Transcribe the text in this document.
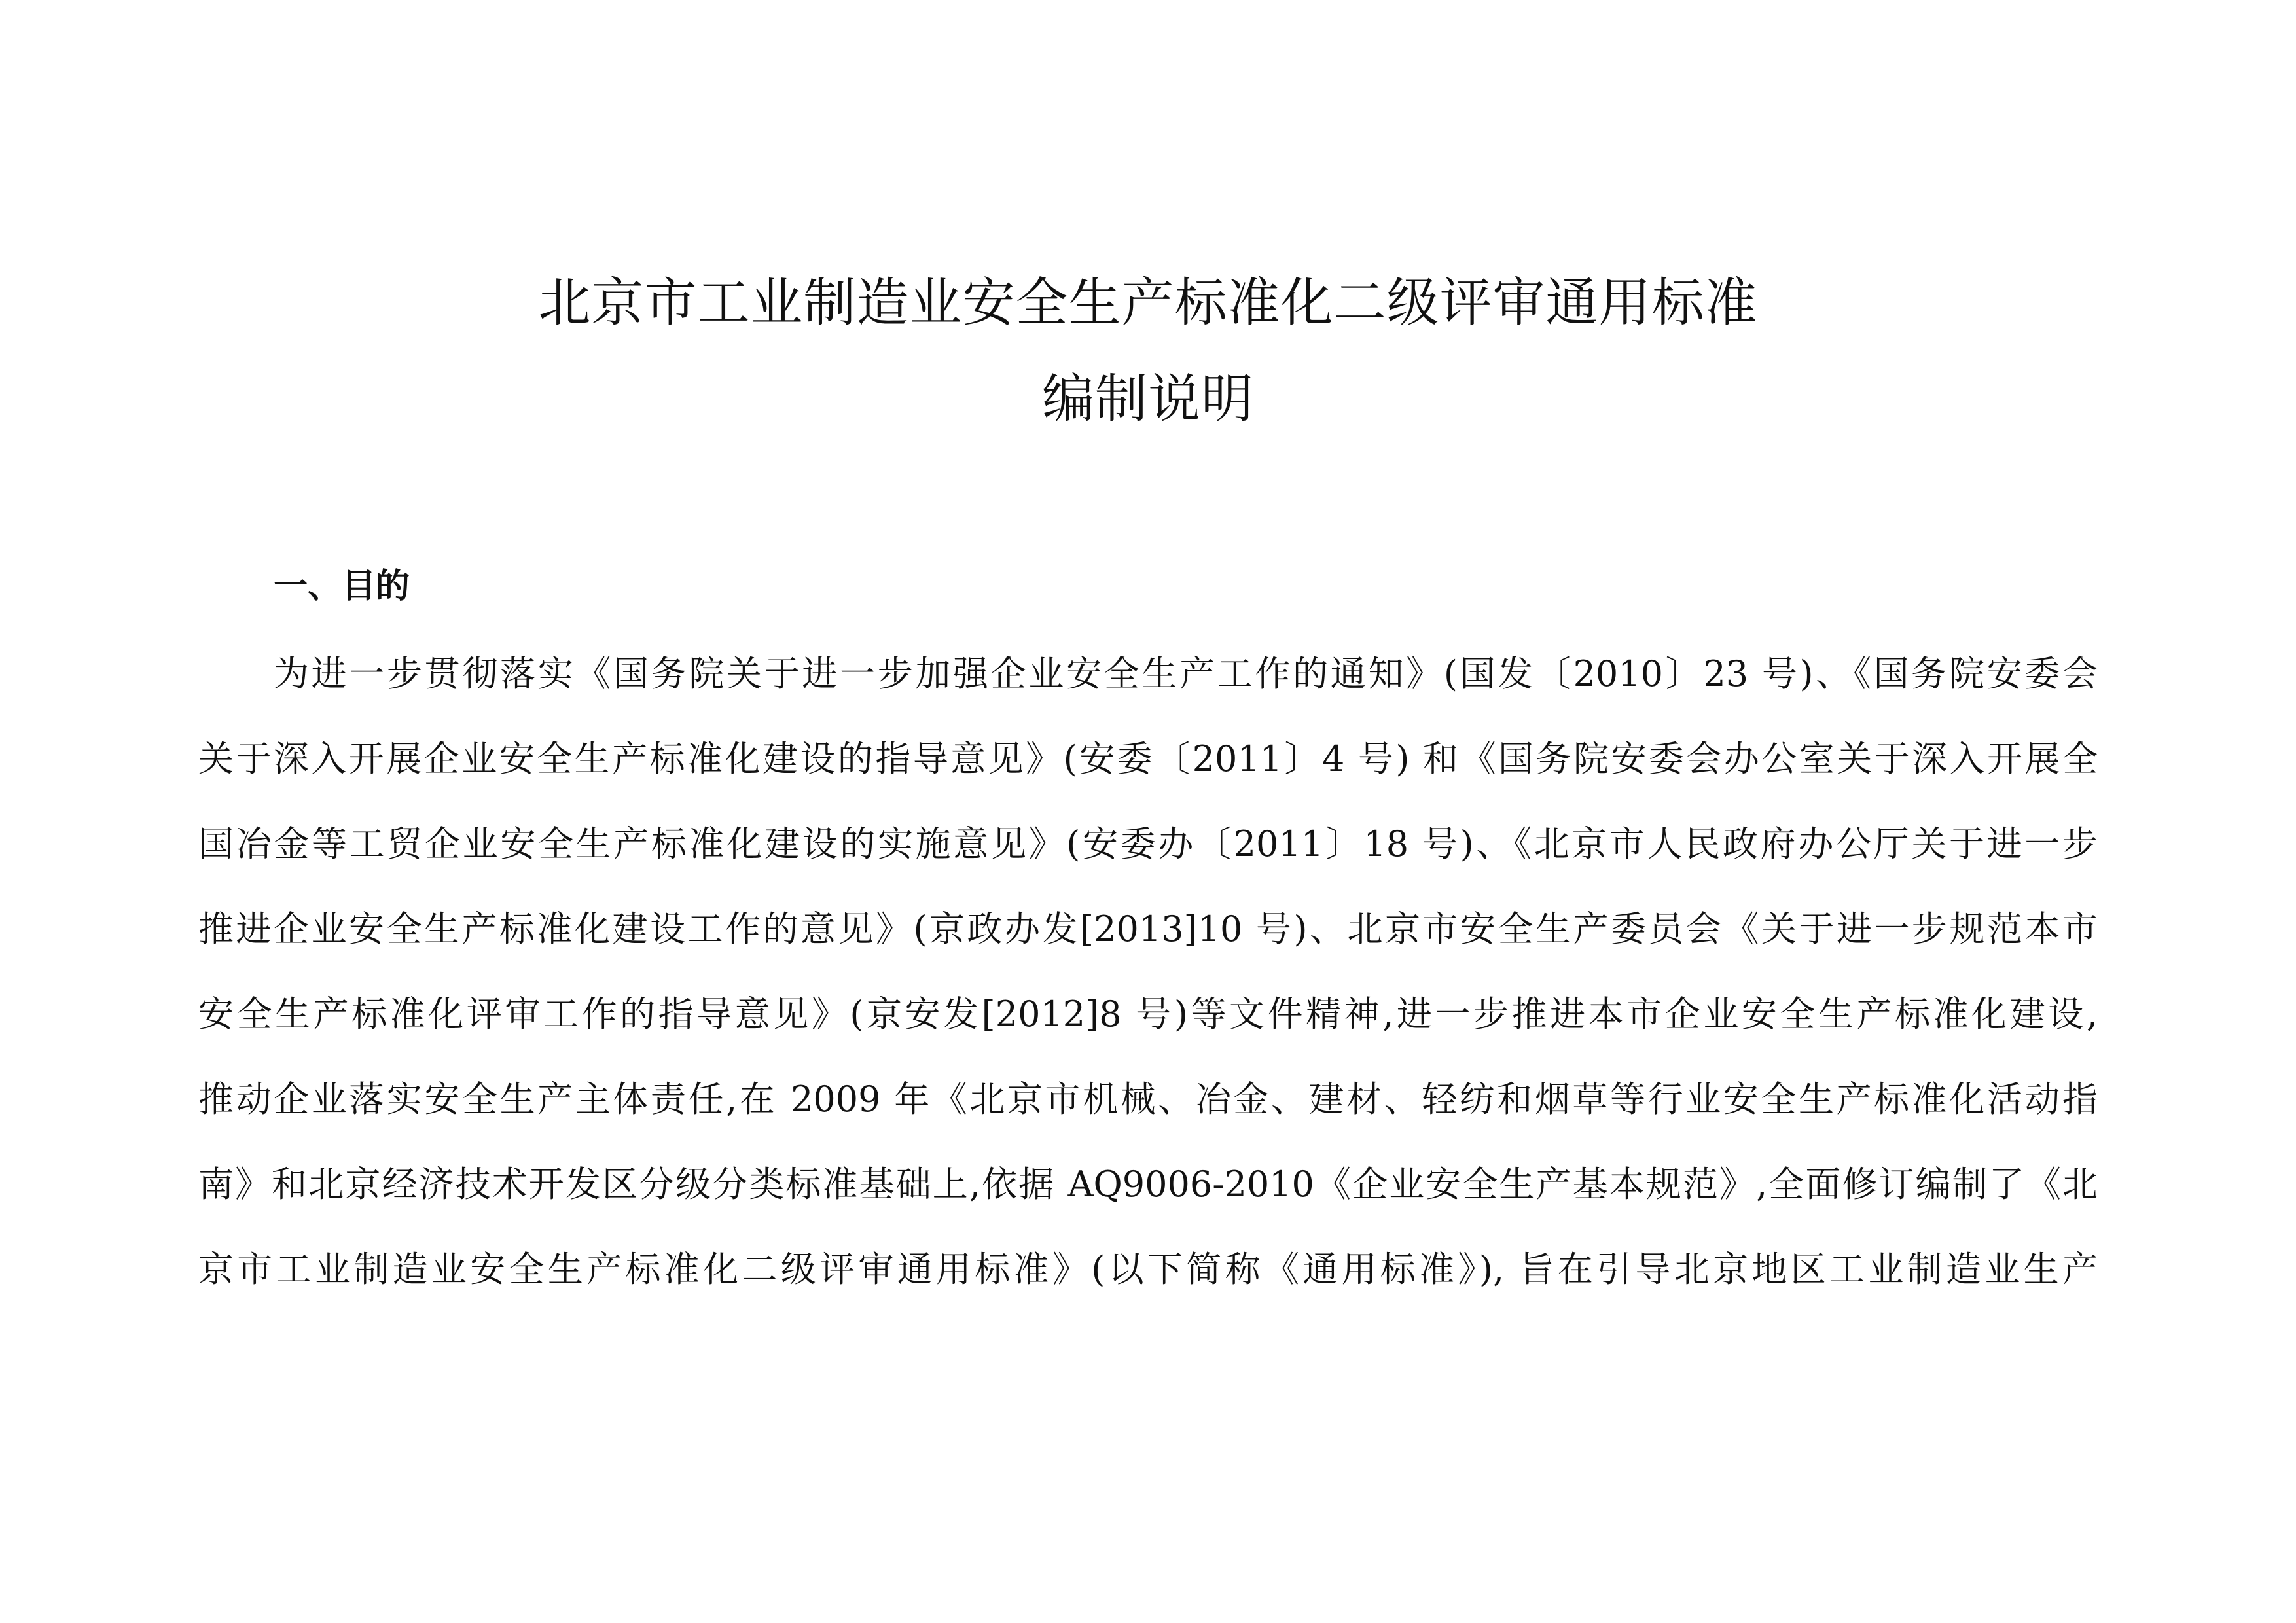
北京市工业制造业安全生产标准化二级评审通用标准
编制说明
一、目的
为进一步贯彻落实《国务院关于进一步加强企业安全生产工作的通知》(国发〔2010〕23 号)、《国务院安委会
关于深入开展企业安全生产标准化建设的指导意见》(安委〔2011〕4 号) 和《国务院安委会办公室关于深入开展全
国冶金等工贸企业安全生产标准化建设的实施意见》(安委办〔2011〕18 号)、《北京市人民政府办公厅关于进一步
推进企业安全生产标准化建设工作的意见》(京政办发[2013]10 号)、北京市安全生产委员会《关于进一步规范本市
安全生产标准化评审工作的指导意见》(京安发[2012]8 号)等文件精神,进一步推进本市企业安全生产标准化建设,
推动企业落实安全生产主体责任,在 2009 年《北京市机械、冶金、建材、轻纺和烟草等行业安全生产标准化活动指
南》和北京经济技术开发区分级分类标准基础上,依据 AQ9006-2010《企业安全生产基本规范》,全面修订编制了《北
京市工业制造业安全生产标准化二级评审通用标准》(以下简称《通用标准》), 旨在引导北京地区工业制造业生产
